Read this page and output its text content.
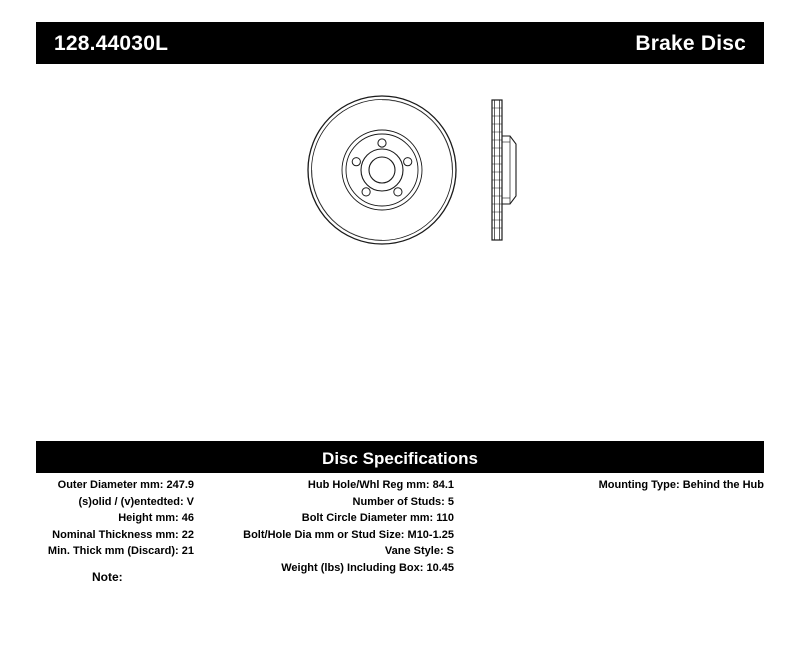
128.44030L	Brake Disc
Disc Specifications
Outer Diameter mm: 247.9
(s)olid / (v)entedted: V
Height mm: 46
Nominal Thickness mm: 22
Min. Thick mm (Discard): 21
Hub Hole/Whl Reg mm: 84.1
Number of Studs: 5
Bolt Circle Diameter mm: 110
Bolt/Hole Dia mm or Stud Size: M10-1.25
Vane Style: S
Weight (lbs) Including Box: 10.45
Mounting Type: Behind the Hub
Note:
